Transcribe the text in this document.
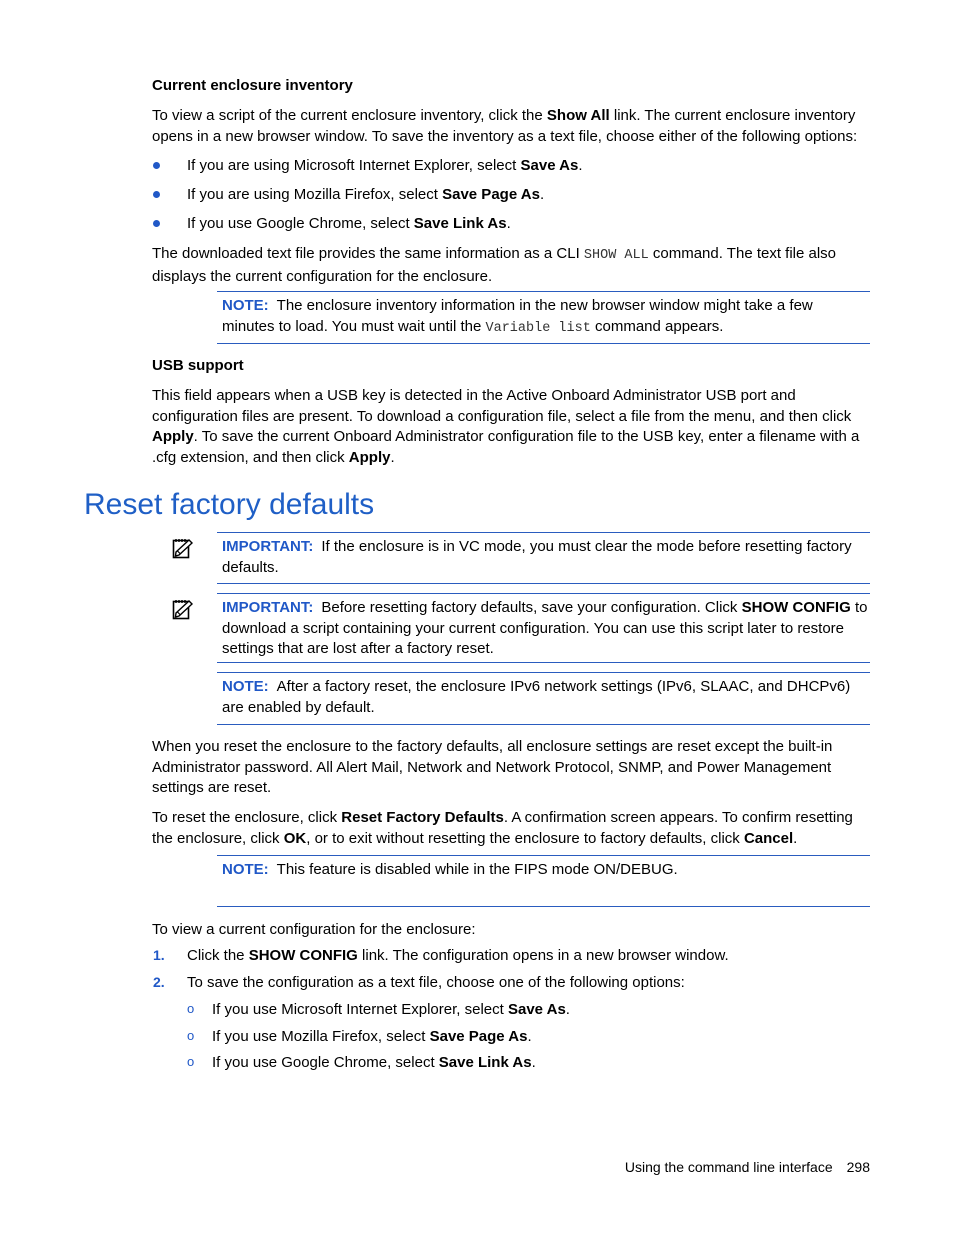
Current enclosure inventory
To view a script of the current enclosure inventory, click the Show All link. The current enclosure inventory opens in a new browser window. To save the inventory as a text file, choose either of the following options:
If you are using Microsoft Internet Explorer, select Save As.
If you are using Mozilla Firefox, select Save Page As.
If you use Google Chrome, select Save Link As.
The downloaded text file provides the same information as a CLI SHOW ALL command. The text file also displays the current configuration for the enclosure.
NOTE: The enclosure inventory information in the new browser window might take a few minutes to load. You must wait until the Variable list command appears.
USB support
This field appears when a USB key is detected in the Active Onboard Administrator USB port and configuration files are present. To download a configuration file, select a file from the menu, and then click Apply. To save the current Onboard Administrator configuration file to the USB key, enter a filename with a .cfg extension, and then click Apply.
Reset factory defaults
IMPORTANT: If the enclosure is in VC mode, you must clear the mode before resetting factory defaults.
IMPORTANT: Before resetting factory defaults, save your configuration. Click SHOW CONFIG to download a script containing your current configuration. You can use this script later to restore settings that are lost after a factory reset.
NOTE: After a factory reset, the enclosure IPv6 network settings (IPv6, SLAAC, and DHCPv6) are enabled by default.
When you reset the enclosure to the factory defaults, all enclosure settings are reset except the built-in Administrator password. All Alert Mail, Network and Network Protocol, SNMP, and Power Management settings are reset.
To reset the enclosure, click Reset Factory Defaults. A confirmation screen appears. To confirm resetting the enclosure, click OK, or to exit without resetting the enclosure to factory defaults, click Cancel.
NOTE: This feature is disabled while in the FIPS mode ON/DEBUG.
To view a current configuration for the enclosure:
1. Click the SHOW CONFIG link. The configuration opens in a new browser window.
2. To save the configuration as a text file, choose one of the following options:
o If you use Microsoft Internet Explorer, select Save As.
o If you use Mozilla Firefox, select Save Page As.
o If you use Google Chrome, select Save Link As.
Using the command line interface 298
